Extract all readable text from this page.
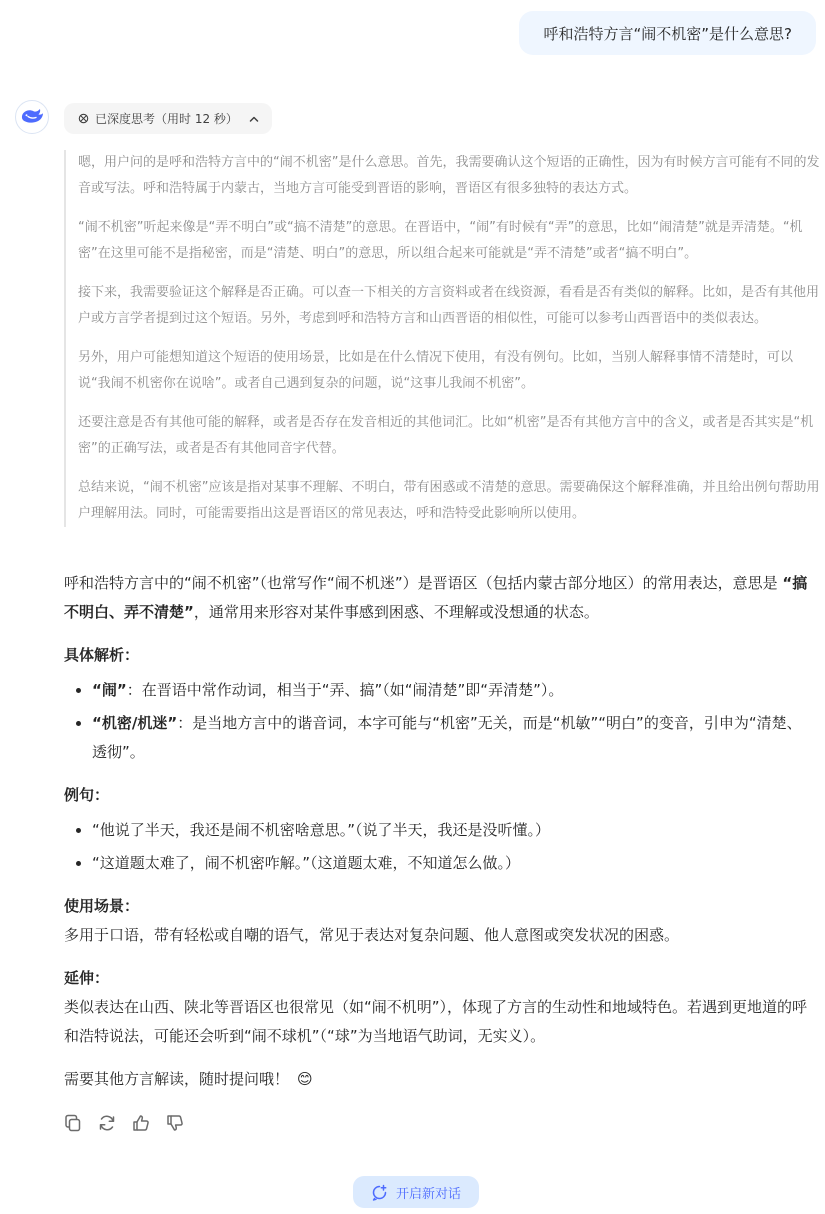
呼和浩特方言“闹不机密”是什么意思?
已深度思考（用时 12 秒）

嗯，用户问的是呼和浩特方言中的“闹不机密”是什么意思。首先，我需要确认这个短语的正确性，因为有时候方言可能有不同的发音或写法。呼和浩特属于内蒙古，当地方言可能受到晋语的影响，晋语区有很多独特的表达方式。

“闹不机密”听起来像是“弄不明白”或“搞不清楚”的意思。在晋语中，“闹”有时候有“弄”的意思，比如“闹清楚”就是弄清楚。“机密”在这里可能不是指秘密，而是“清楚、明白”的意思，所以组合起来可能就是“弄不清楚”或者“搞不明白”。

接下来，我需要验证这个解释是否正确。可以查一下相关的方言资料或者在线资源，看看是否有类似的解释。比如，是否有其他用户或方言学者提到过这个短语。另外，考虑到呼和浩特方言和山西晋语的相似性，可能可以参考山西晋语中的类似表达。

另外，用户可能想知道这个短语的使用场景，比如是在什么情况下使用，有没有例句。比如，当别人解释事情不清楚时，可以说“我闹不机密你在说啥”。或者自己遇到复杂的问题，说“这事儿我闹不机密”。

还要注意是否有其他可能的解释，或者是否存在发音相近的其他词汇。比如“机密”是否有其他方言中的含义，或者是否其实是“机密”的正确写法，或者是否有其他同音字代替。

总结来说，“闹不机密”应该是指对某事不理解、不明白，带有困惑或不清楚的意思。需要确保这个解释准确，并且给出例句帮助用户理解用法。同时，可能需要指出这是晋语区的常见表达，呼和浩特受此影响所以使用。

呼和浩特方言中的“闹不机密”（也常写作“闹不机迷”）是晋语区（包括内蒙古部分地区）的常用表达，意思是 “搞不明白、弄不清楚”，通常用来形容对某件事感到困惑、不理解或没想通的状态。

具体解析：
• “闹”：在晋语中常作动词，相当于“弄、搞”（如“闹清楚”即“弄清楚”）。
• “机密/机迷”：是当地方言中的谐音词，本字可能与“机密”无关，而是“机敏”“明白”的变音，引申为“清楚、透彻”。
例句：
• “他说了半天，我还是闹不机密啥意思。”（说了半天，我还是没听懂。）
• “这道题太难了，闹不机密咋解。”（这道题太难，不知道怎么做。）
使用场景：

多用于口语，带有轻松或自嘲的语气，常见于表达对复杂问题、他人意图或突发状况的困惑。

延伸：

类似表达在山西、陕北等晋语区也很常见（如“闹不机明”），体现了方言的生动性和地域特色。若遇到更地道的呼和浩特说法，可能还会听到“闹不球机”（“球”为当地语气助词，无实义）。

需要其他方言解读，随时提问哦！ 😊

开启新对话
